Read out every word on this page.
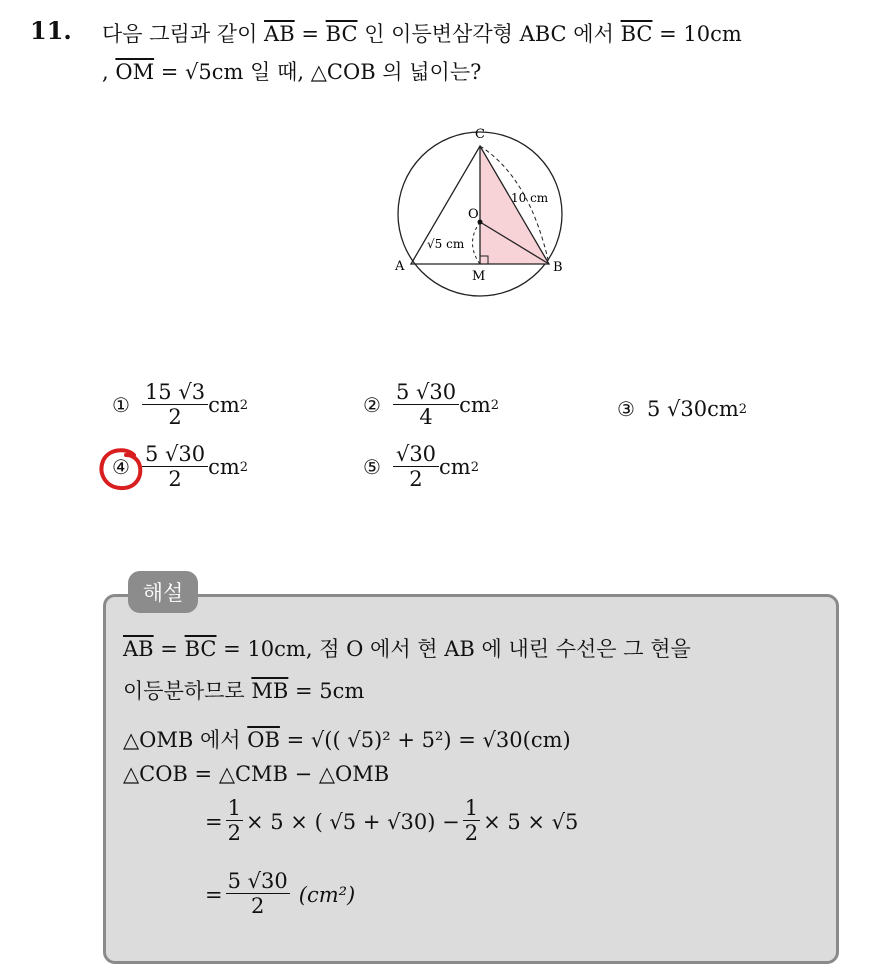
11. 다음 그림과 같이 $\overline{AB} = \overline{BC}$ 인 이등변삼각형 ABC 에서 $\overline{BC} = 10cm$
, $\overline{OM} = √5cm$ 일 때, △COB 의 넓이는?
C
O
A	B
M
10 cm
√5 cm
① $\frac{15 √3}{2}$ cm 2	② $\frac{5 √30}{4}$ cm 2	③ 5 √30cm 2
④ $\frac{5 √30}{2}$ cm 2	⑤ $\frac{√30}{2}$ cm 2
해설
$\overline{AB} = \overline{BC} = 10cm$, 점 O 에서 현 AB 에 내린 수선은 그 현을
이등분하므로 $\overline{MB} = 5cm$
△OMB 에서 $\overline{OB}$ = √(( √5)² + 5²) = √30(cm)
△COB = △CMB − △OMB
= $\frac{1}{2} \times 5$ × ( $√5 + √30) - \frac{1}{2} \times 5 \times √5$
= $\frac{5 √30}{2} (cm^2)$
